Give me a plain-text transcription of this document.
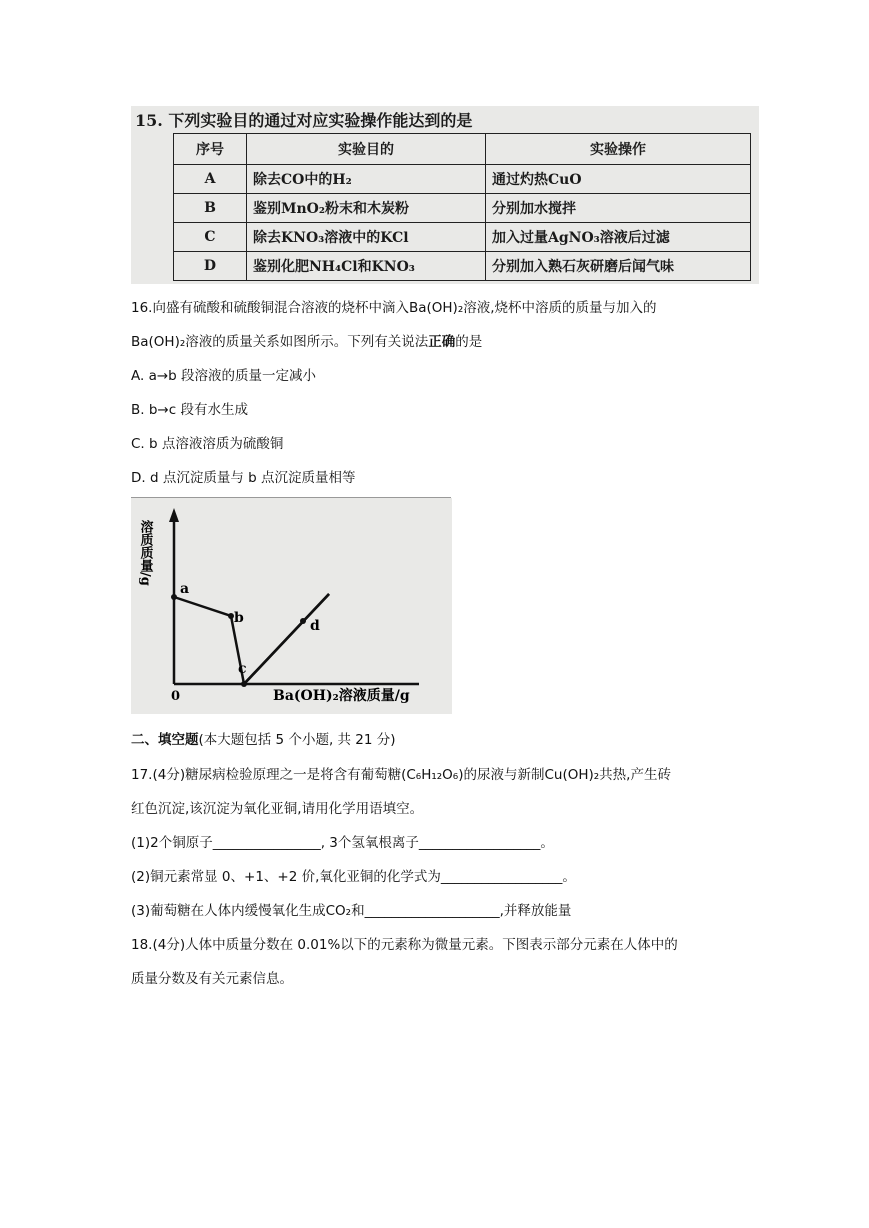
15. 下列实验目的通过对应实验操作能达到的是
序号	实验目的	实验操作
A	除去CO中的H₂	通过灼热CuO
B	鉴别MnO₂粉末和木炭粉	分别加水搅拌
C	除去KNO₃溶液中的KCl	加入过量AgNO₃溶液后过滤
D	鉴别化肥NH₄Cl和KNO₃	分别加入熟石灰研磨后闻气味
16.向盛有硫酸和硫酸铜混合溶液的烧杯中滴入Ba(OH)₂溶液,烧杯中溶质的质量与加入的
Ba(OH)₂溶液的质量关系如图所示。下列有关说法正确的是
A. a→b 段溶液的质量一定减小
B. b→c 段有水生成
C. b 点溶液溶质为硫酸铜
D. d 点沉淀质量与 b 点沉淀质量相等
a
b
c
d
0	Ba(OH)₂溶液质量/g
溶质质量/g
二、填空题(本大题包括 5 个小题, 共 21 分)
17.(4分)糖尿病检验原理之一是将含有葡萄糖(C₆H₁₂O₆)的尿液与新制Cu(OH)₂共热,产生砖
红色沉淀,该沉淀为氧化亚铜,请用化学用语填空。
(1)2个铜原子________________, 3个氢氧根离子__________________。
(2)铜元素常显 0、+1、+2 价,氧化亚铜的化学式为__________________。
(3)葡萄糖在人体内缓慢氧化生成CO₂和____________________,并释放能量
18.(4分)人体中质量分数在 0.01%以下的元素称为微量元素。下图表示部分元素在人体中的
质量分数及有关元素信息。
